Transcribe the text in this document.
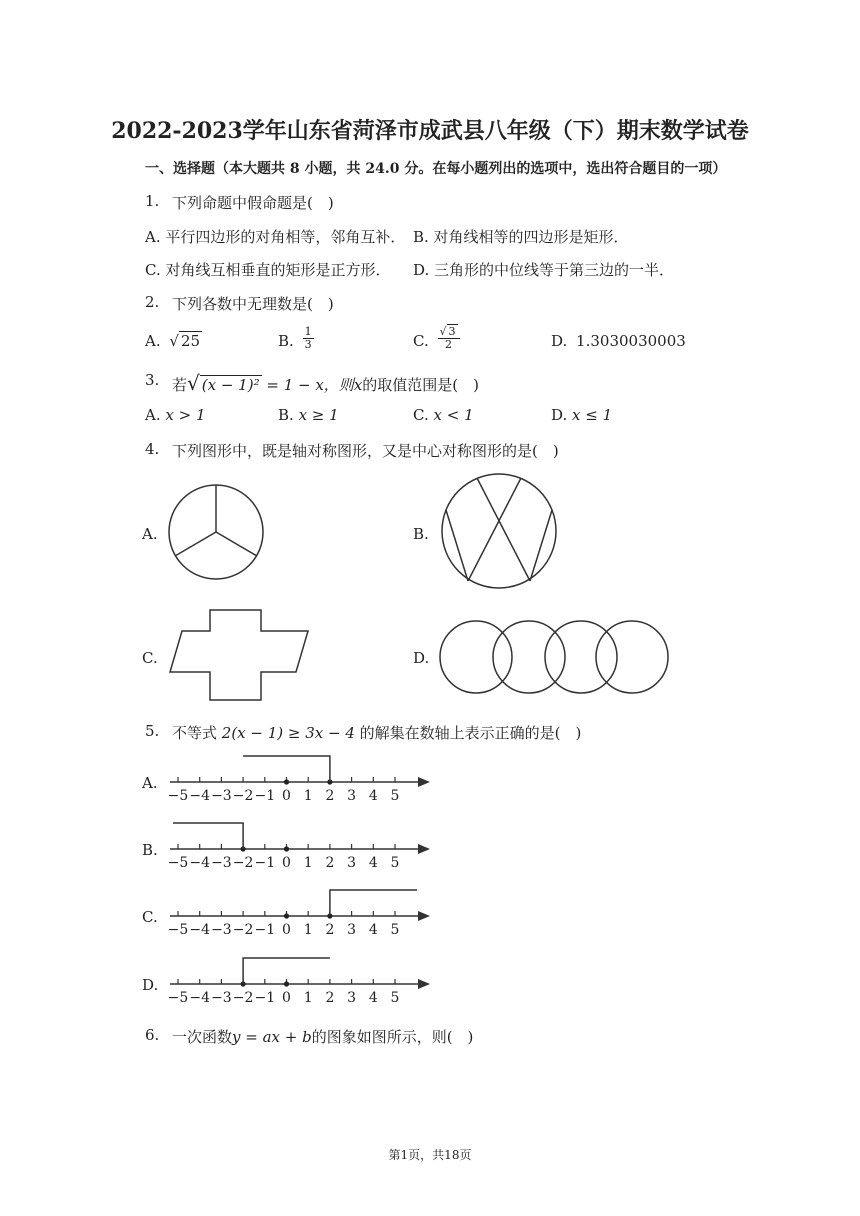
2022-2023学年山东省菏泽市成武县八年级（下）期末数学试卷
一、选择题（本大题共 8 小题，共 24.0 分。在每小题列出的选项中，选出符合题目的一项）
1. 下列命题中假命题是(　)
A. 平行四边形的对角相等，邻角互补． B. 对角线相等的四边形是矩形．
C. 对角线互相垂直的矩形是正方形． D. 三角形的中位线等于第三边的一半．
2. 下列各数中无理数是(　)
A. √ 25	B. $\frac{1}{3}$	C. $\frac{√ 3}{2}$	D. 1.3030030003
3. 若√ (x − 1)² = 1 − x，则x的取值范围是(　)
A. x > 1	B. x ≥ 1	C. x < 1	D. x ≤ 1
4. 下列图形中，既是轴对称图形，又是中心对称图形的是(　)
A.	B.
C.	D.
5. 不等式 2(x − 1) ≥ 3x − 4 的解集在数轴上表示正确的是(　)
A.
B.
C.
D.
−5 −4 −3 −2 −1 0 1 2 3 4 5
−5 −4 −3 −2 −1 0 1 2 3 4 5
−5 −4 −3 −2 −1 0 1 2 3 4 5
−5 −4 −3 −2 −1 0 1 2 3 4 5
6. 一次函数y = ax + b的图象如图所示，则(　)
第1页，共18页
